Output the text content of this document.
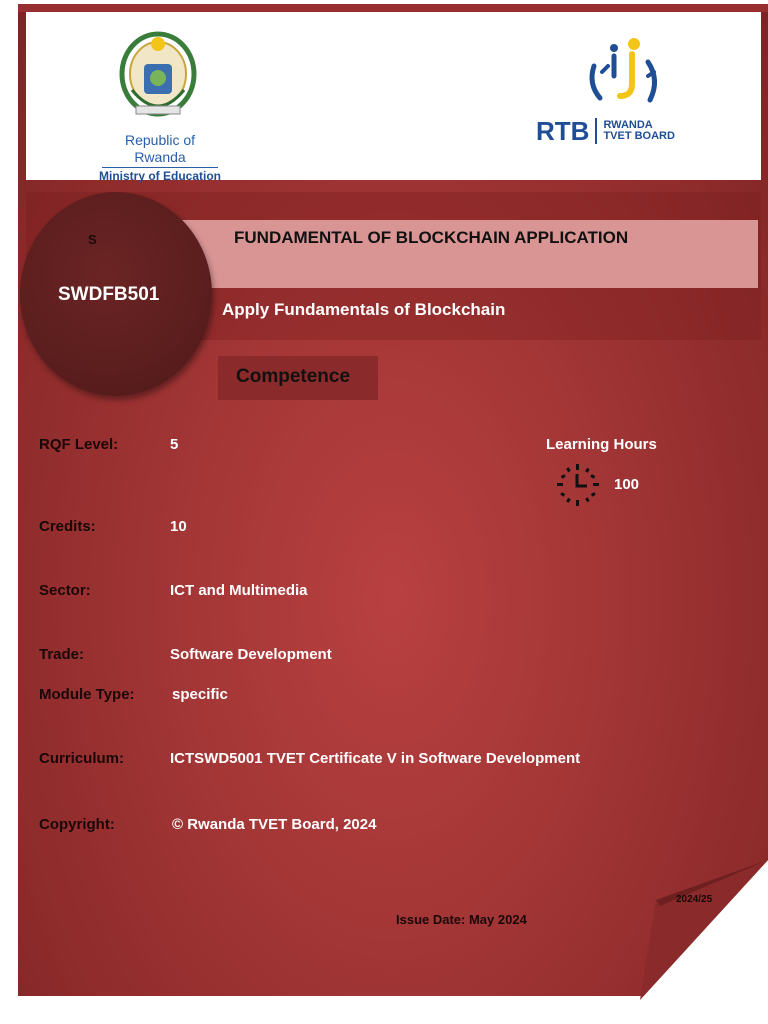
Republic of Rwanda
Ministry of Education
RTB RWANDA
TVET BOARD
FUNDAMENTAL OF BLOCKCHAIN APPLICATION
S
SWDFB501
Apply Fundamentals of Blockchain
Competence
RQF Level:	5	Learning Hours
100
Credits:	10
Sector:	ICT and Multimedia
Trade:	Software Development
Module Type: specific
Curriculum:	ICTSWD5001 TVET Certificate V in Software Development
Copyright:	© Rwanda TVET Board, 2024
Issue Date: May 2024
2024/25
